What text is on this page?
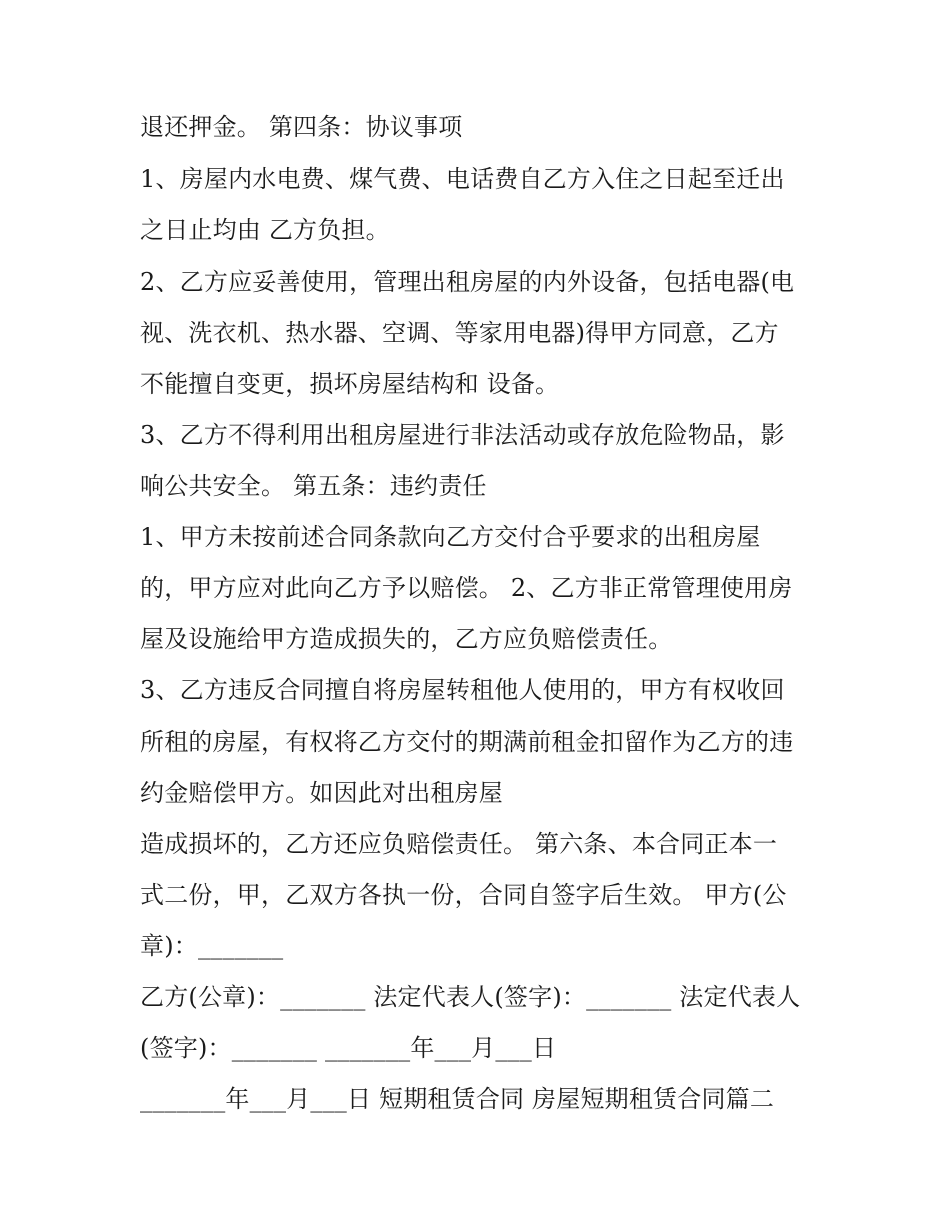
退还押金。 第四条：协议事项
1、房屋内水电费、煤气费、电话费自乙方入住之日起至迁出
之日止均由 乙方负担。
2、乙方应妥善使用，管理出租房屋的内外设备，包括电器(电
视、洗衣机、热水器、空调、等家用电器)得甲方同意，乙方
不能擅自变更，损坏房屋结构和 设备。
3、乙方不得利用出租房屋进行非法活动或存放危险物品，影
响公共安全。 第五条：违约责任
1、甲方未按前述合同条款向乙方交付合乎要求的出租房屋
的，甲方应对此向乙方予以赔偿。 2、乙方非正常管理使用房
屋及设施给甲方造成损失的，乙方应负赔偿责任。
3、乙方违反合同擅自将房屋转租他人使用的，甲方有权收回
所租的房屋，有权将乙方交付的期满前租金扣留作为乙方的违
约金赔偿甲方。如因此对出租房屋
造成损坏的，乙方还应负赔偿责任。 第六条、本合同正本一
式二份，甲，乙双方各执一份，合同自签字后生效。 甲方(公
章)：_______
乙方(公章)：_______ 法定代表人(签字)：_______ 法定代表人
(签字)：_______ _______年___月___日
_______年___月___日 短期租赁合同 房屋短期租赁合同篇二
